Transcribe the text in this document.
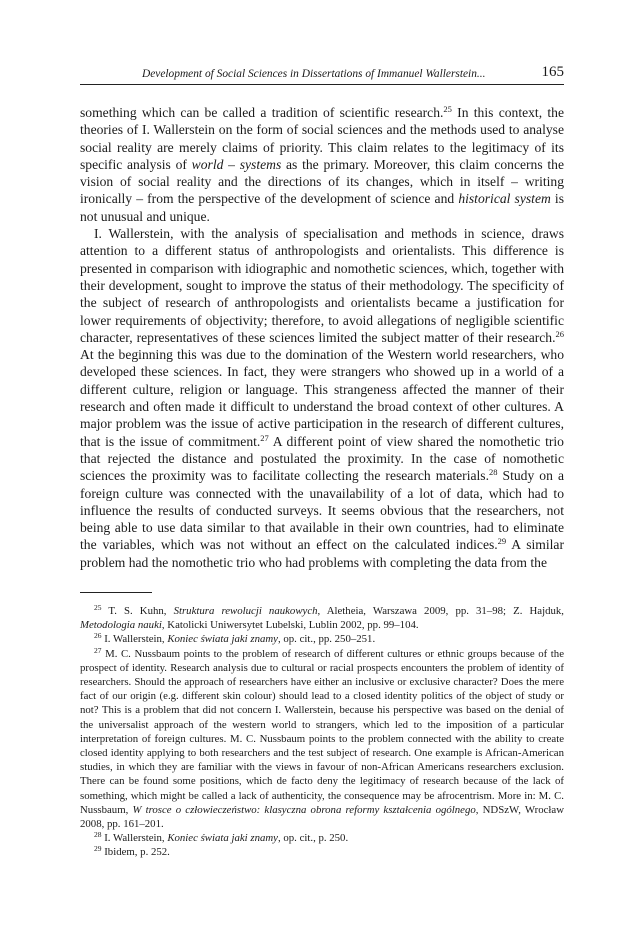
Development of Social Sciences in Dissertations of Immanuel Wallerstein...	165

something which can be called a tradition of scientific research.$^{25}$ In this context, the theories of I. Wallerstein on the form of social sciences and the methods used to analyse social reality are merely claims of priority. This claim relates to the legitimacy of its specific analysis of world – systems as the primary. Moreover, this claim concerns the vision of social reality and the directions of its changes, which in itself – writing ironically – from the perspective of the development of science and historical system is not unusual and unique.

I. Wallerstein, with the analysis of specialisation and methods in science, draws attention to a different status of anthropologists and orientalists. This difference is presented in comparison with idiographic and nomothetic sciences, which, together with their development, sought to improve the status of their methodology. The specificity of the subject of research of anthropologists and orientalists became a justification for lower requirements of objectivity; therefore, to avoid allegations of negligible scientific character, representatives of these sciences limited the subject matter of their research.$^{26}$ At the beginning this was due to the domination of the Western world researchers, who developed these sciences. In fact, they were strangers who showed up in a world of a different culture, religion or language. This strangeness affected the manner of their research and often made it difficult to understand the broad context of other cultures. A major problem was the issue of active participation in the research of different cultures, that is the issue of commitment.$^{27}$ A different point of view shared the nomothetic trio that rejected the distance and postulated the proximity. In the case of nomothetic sciences the proximity was to facilitate collecting the research materials.$^{28}$ Study on a foreign culture was connected with the unavailability of a lot of data, which had to influence the results of conducted surveys. It seems obvious that the researchers, not being able to use data similar to that available in their own countries, had to eliminate the variables, which was not without an effect on the calculated indices.$^{29}$ A similar problem had the nomothetic trio who had problems with completing the data from the

$^{25}$ T. S. Kuhn, Struktura rewolucji naukowych, Aletheia, Warszawa 2009, pp. 31–98; Z. Hajduk, Metodologia nauki, Katolicki Uniwersytet Lubelski, Lublin 2002, pp. 99–104.

$^{26}$ I. Wallerstein, Koniec świata jaki znamy, op. cit., pp. 250–251.

$^{27}$ M. C. Nussbaum points to the problem of research of different cultures or ethnic groups because of the prospect of identity. Research analysis due to cultural or racial prospects encounters the problem of identity of researchers. Should the approach of researchers have either an inclusive or exclusive character? Does the mere fact of our origin (e.g. different skin colour) should lead to a closed identity politics of the object of study or not? This is a problem that did not concern I. Wallerstein, because his perspective was based on the denial of the universalist approach of the western world to strangers, which led to the imposition of a particular interpretation of foreign cultures. M. C. Nussbaum points to the problem connected with the ability to create closed identity applying to both researchers and the test subject of research. One example is African-American studies, in which they are familiar with the views in favour of non-African Americans researchers exclusion. There can be found some positions, which de facto deny the legitimacy of research because of the lack of something, which might be called a lack of authenticity, the consequence may be afrocentrism. More in: M. C. Nussbaum, W trosce o człowieczeństwo: klasyczna obrona reformy kształcenia ogólnego, NDSzW, Wrocław 2008, pp. 161–201.

$^{28}$ I. Wallerstein, Koniec świata jaki znamy, op. cit., p. 250.

$^{29}$ Ibidem, p. 252.
